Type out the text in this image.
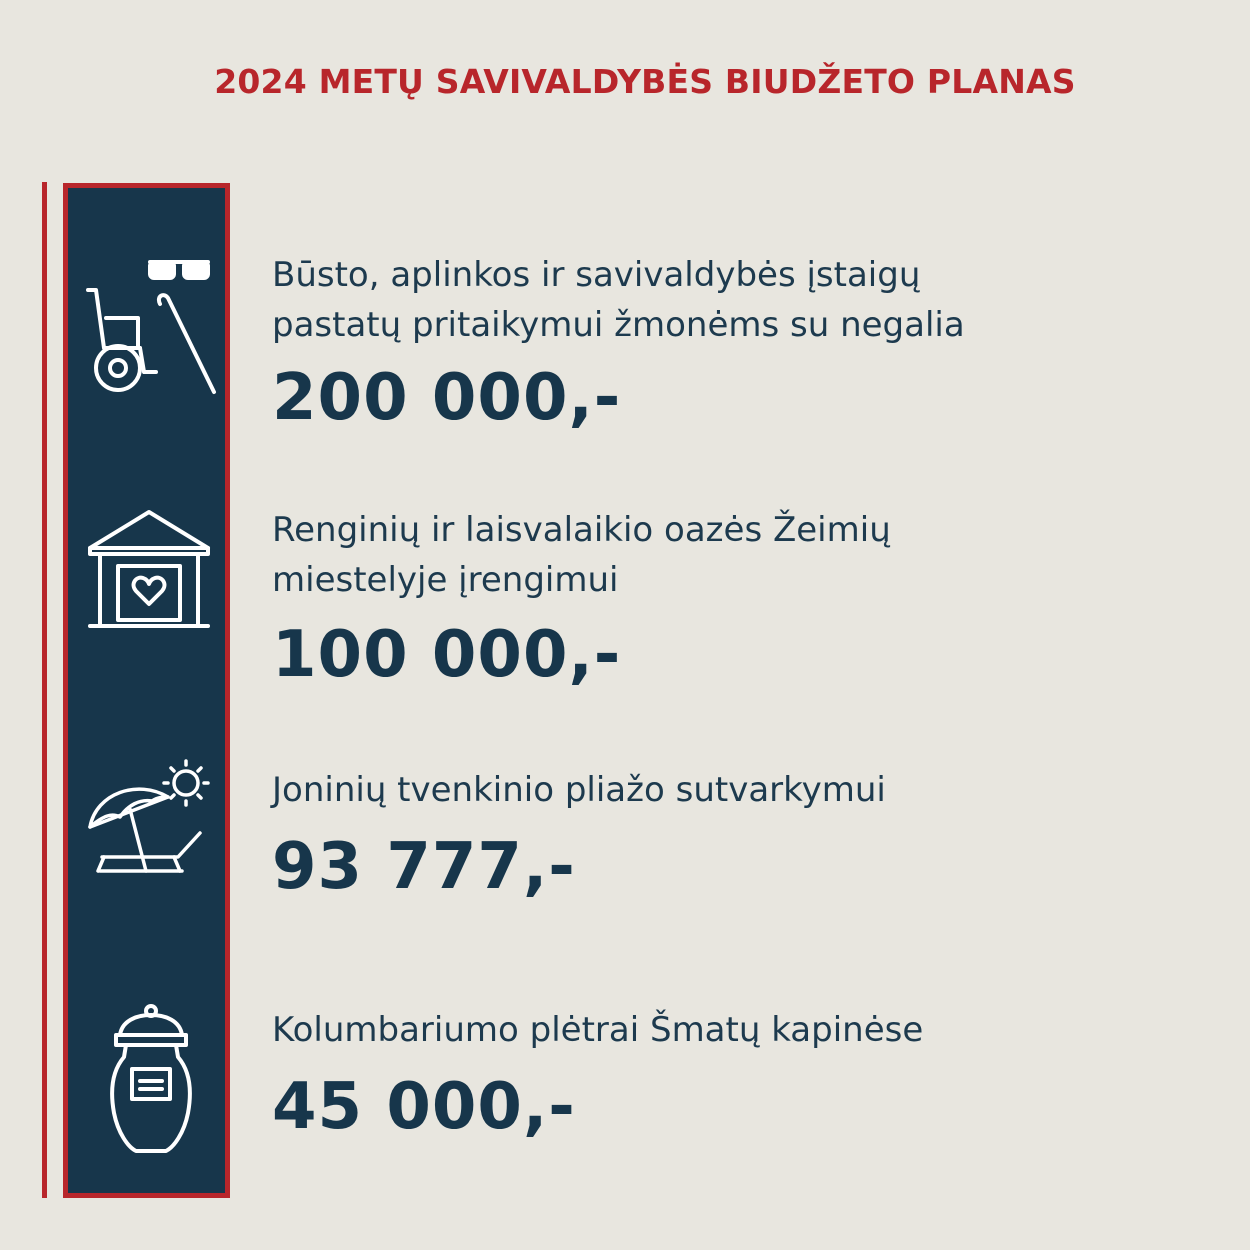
2024 METŲ SAVIVALDYBĖS BIUDŽETO PLANAS
Būsto, aplinkos ir savivaldybės įstaigų
pastatų pritaikymui žmonėms su negalia
200 000,-
Renginių ir laisvalaikio oazės Žeimių
miestelyje įrengimui
100 000,-
Joninių tvenkinio pliažo sutvarkymui
93 777,-
Kolumbariumo plėtrai Šmatų kapinėse
45 000,-
